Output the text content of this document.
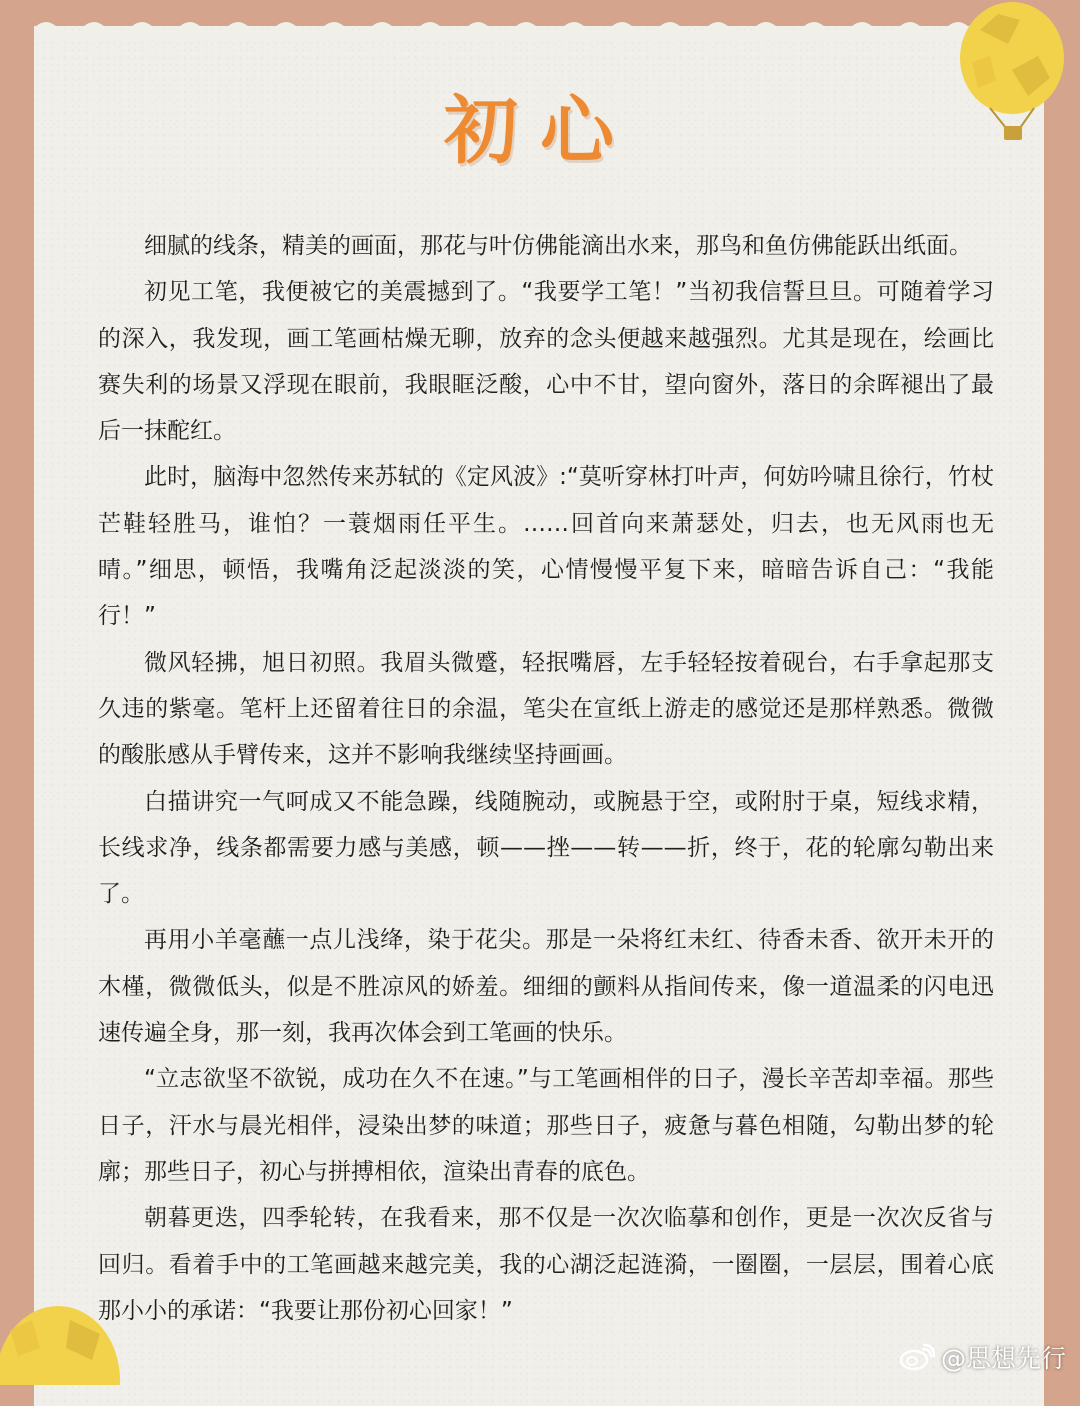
初心

细腻的线条，精美的画面，那花与叶仿佛能滴出水来，那鸟和鱼仿佛能跃出纸面。

初见工笔，我便被它的美震撼到了。“我要学工笔！”当初我信誓旦旦。可随着学习的深入，我发现，画工笔画枯燥无聊，放弃的念头便越来越强烈。尤其是现在，绘画比赛失利的场景又浮现在眼前，我眼眶泛酸，心中不甘，望向窗外，落日的余晖褪出了最后一抹酡红。

此时，脑海中忽然传来苏轼的《定风波》:“莫听穿林打叶声，何妨吟啸且徐行，竹杖芒鞋轻胜马，谁怕？一蓑烟雨任平生。……回首向来萧瑟处，归去，也无风雨也无晴。”细思，顿悟，我嘴角泛起淡淡的笑，心情慢慢平复下来，暗暗告诉自己：“我能行！”

微风轻拂，旭日初照。我眉头微蹙，轻抿嘴唇，左手轻轻按着砚台，右手拿起那支久违的紫毫。笔杆上还留着往日的余温，笔尖在宣纸上游走的感觉还是那样熟悉。微微的酸胀感从手臂传来，这并不影响我继续坚持画画。

白描讲究一气呵成又不能急躁，线随腕动，或腕悬于空，或附肘于桌，短线求精，长线求净，线条都需要力感与美感，顿——挫——转——折，终于，花的轮廓勾勒出来了。

再用小羊毫蘸一点儿浅绛，染于花尖。那是一朵将红未红、待香未香、欲开未开的木槿，微微低头，似是不胜凉风的娇羞。细细的颤料从指间传来，像一道温柔的闪电迅速传遍全身，那一刻，我再次体会到工笔画的快乐。

“立志欲坚不欲锐，成功在久不在速。”与工笔画相伴的日子，漫长辛苦却幸福。那些日子，汗水与晨光相伴，浸染出梦的味道；那些日子，疲惫与暮色相随，勾勒出梦的轮廓；那些日子，初心与拼搏相依，渲染出青春的底色。

朝暮更迭，四季轮转，在我看来，那不仅是一次次临摹和创作，更是一次次反省与回归。看着手中的工笔画越来越完美，我的心湖泛起涟漪，一圈圈，一层层，围着心底那小小的承诺：“我要让那份初心回家！”

@思想先行
